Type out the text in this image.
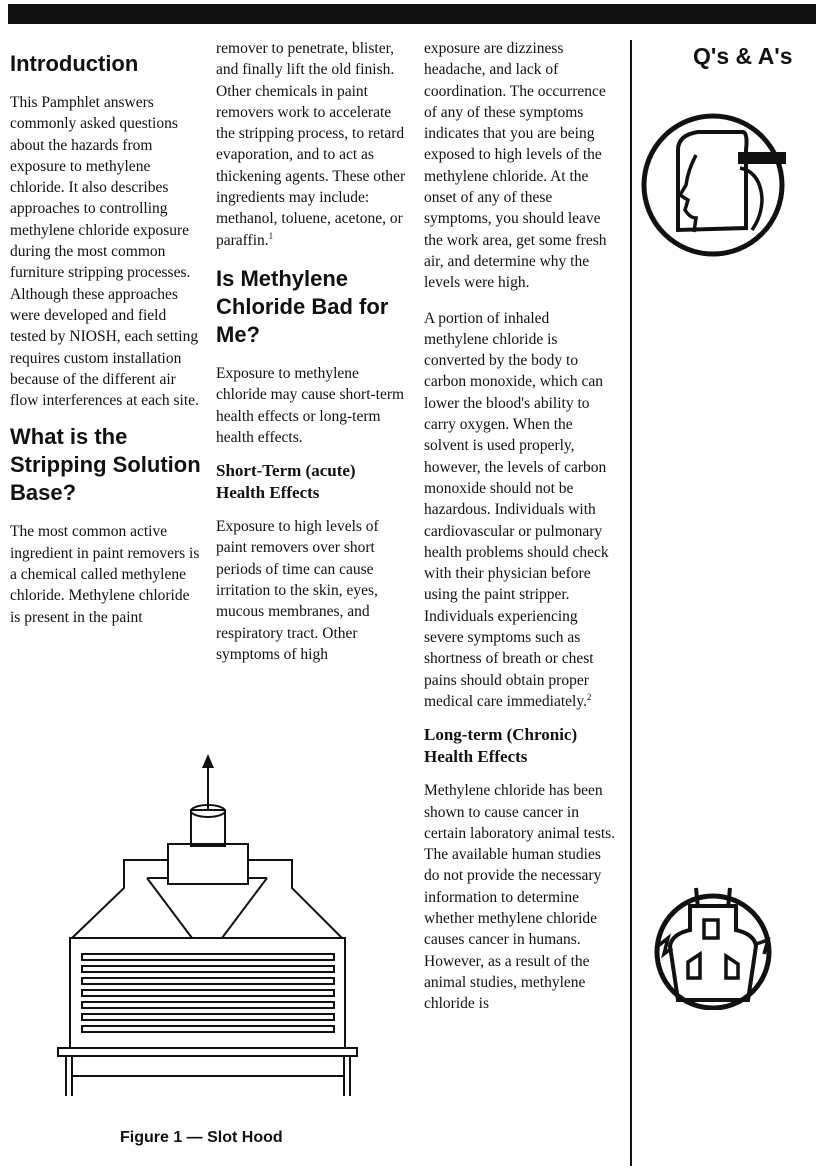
Introduction

This Pamphlet answers commonly asked questions about the hazards from exposure to methylene chloride. It also describes approaches to controlling methylene chloride exposure during the most common furniture stripping processes. Although these approaches were developed and field tested by NIOSH, each setting requires custom installation because of the different air flow interferences at each site.

What is the Stripping Solution Base?

The most common active ingredient in paint removers is a chemical called methylene chloride. Methylene chloride is present in the paint

remover to penetrate, blister, and finally lift the old finish. Other chemicals in paint removers work to accelerate the stripping process, to retard evaporation, and to act as thickening agents. These other ingredients may include: methanol, toluene, acetone, or paraffin.$^1$

Is Methylene Chloride Bad for Me?

Exposure to methylene chloride may cause short-term health effects or long-term health effects.

Short-Term (acute) Health Effects

Exposure to high levels of paint removers over short periods of time can cause irritation to the skin, eyes, mucous membranes, and respiratory tract. Other symptoms of high

exposure are dizziness headache, and lack of coordination. The occurrence of any of these symptoms indicates that you are being exposed to high levels of the methylene chloride. At the onset of any of these symptoms, you should leave the work area, get some fresh air, and determine why the levels were high.

A portion of inhaled methylene chloride is converted by the body to carbon monoxide, which can lower the blood's ability to carry oxygen. When the solvent is used properly, however, the levels of carbon monoxide should not be hazardous. Individuals with cardiovascular or pulmonary health problems should check with their physician before using the paint stripper. Individuals experiencing severe symptoms such as shortness of breath or chest pains should obtain proper medical care immediately.$^2$

Long-term (Chronic) Health Effects

Methylene chloride has been shown to cause cancer in certain laboratory animal tests. The available human studies do not provide the necessary information to determine whether methylene chloride causes cancer in humans. However, as a result of the animal studies, methylene chloride is

Q's & A's
Figure 1 — Slot Hood
